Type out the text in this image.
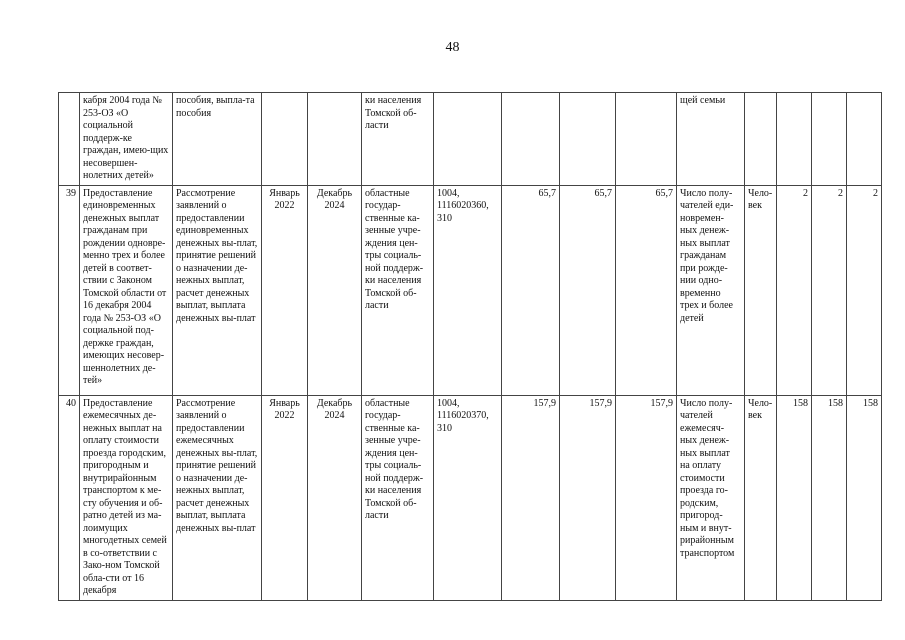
48
	кабря 2004 года № 253-ОЗ «О социальной поддерж-ке граждан, имею-щих несовершен-нолетних детей»	пособия, выпла-та пособия			ки населения Томской об-ласти					щей семьи				
39	Предоставление единовременных денежных выплат гражданам при рождении одновре-менно трех и более детей в соответ-ствии с Законом Томской области от 16 декабря 2004 года № 253-ОЗ «О социальной под-держке граждан, имеющих несовер-шеннолетних де-тей»	Рассмотрение заявлений о предоставлении единовременных денежных вы-плат, принятие решений о назначении де-нежных выплат, расчет денежных выплат, выплата денежных вы-плат	Январь 2022	Декабрь 2024	областные государ-ственные ка-зенные учре-ждения цен-тры социаль-ной поддерж-ки населения Томской об-ласти	1004, 1116020360, 310	65,7	65,7	65,7	Число полу-чателей еди-новремен-ных денеж-ных выплат гражданам при рожде-нии одно-временно трех и более детей	Чело-век	2	2	2
40	Предоставление ежемесячных де-нежных выплат на оплату стоимости проезда городским, пригородным и внутрирайонным транспортом к ме-сту обучения и об-ратно детей из ма-лоимущих многодетных семей в со-ответствии с Зако-ном Томской обла-сти от 16 декабря	Рассмотрение заявлений о предоставлении ежемесячных денежных вы-плат, принятие решений о назначении де-нежных выплат, расчет денежных выплат, выплата денежных вы-плат	Январь 2022	Декабрь 2024	областные государ-ственные ка-зенные учре-ждения цен-тры социаль-ной поддерж-ки населения Томской об-ласти	1004, 1116020370, 310	157,9	157,9	157,9	Число полу-чателей ежемесяч-ных денеж-ных выплат на оплату стоимости проезда го-родским, пригород-ным и внут-рирайонным транспортом	Чело-век	158	158	158
